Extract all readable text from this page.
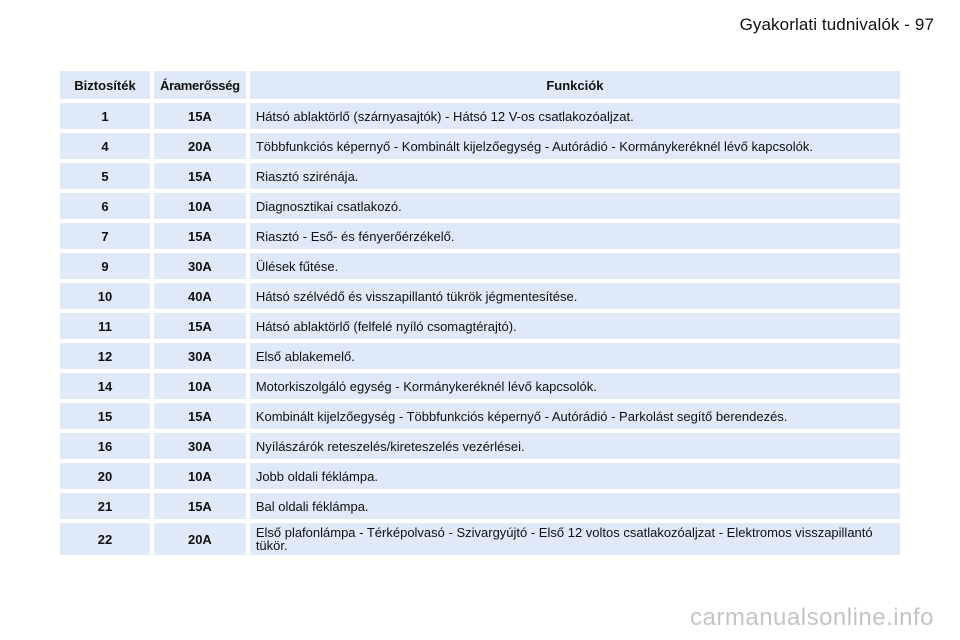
Gyakorlati tudnivalók - 97
Biztosíték	Áramerősség	Funkciók
1	15A	Hátsó ablaktörlő (szárnyasajtók) - Hátsó 12 V-os csatlakozóaljzat.
4	20A	Többfunkciós képernyő - Kombinált kijelzőegység - Autórádió - Kormánykeréknél lévő kapcsolók.
5	15A	Riasztó szirénája.
6	10A	Diagnosztikai csatlakozó.
7	15A	Riasztó - Eső- és fényerőérzékelő.
9	30A	Ülések fűtése.
10	40A	Hátsó szélvédő és visszapillantó tükrök jégmentesítése.
11	15A	Hátsó ablaktörlő (felfelé nyíló csomagtérajtó).
12	30A	Első ablakemelő.
14	10A	Motorkiszolgáló egység - Kormánykeréknél lévő kapcsolók.
15	15A	Kombinált kijelzőegység - Többfunkciós képernyő - Autórádió - Parkolást segítő berendezés.
16	30A	Nyílászárók reteszelés/kireteszelés vezérlései.
20	10A	Jobb oldali féklámpa.
21	15A	Bal oldali féklámpa.
22	20A	Első plafonlámpa - Térképolvasó - Szivargyújtó - Első 12 voltos csatlakozóaljzat - Elektromos visszapillantó tükör.
carmanualsonline.info
